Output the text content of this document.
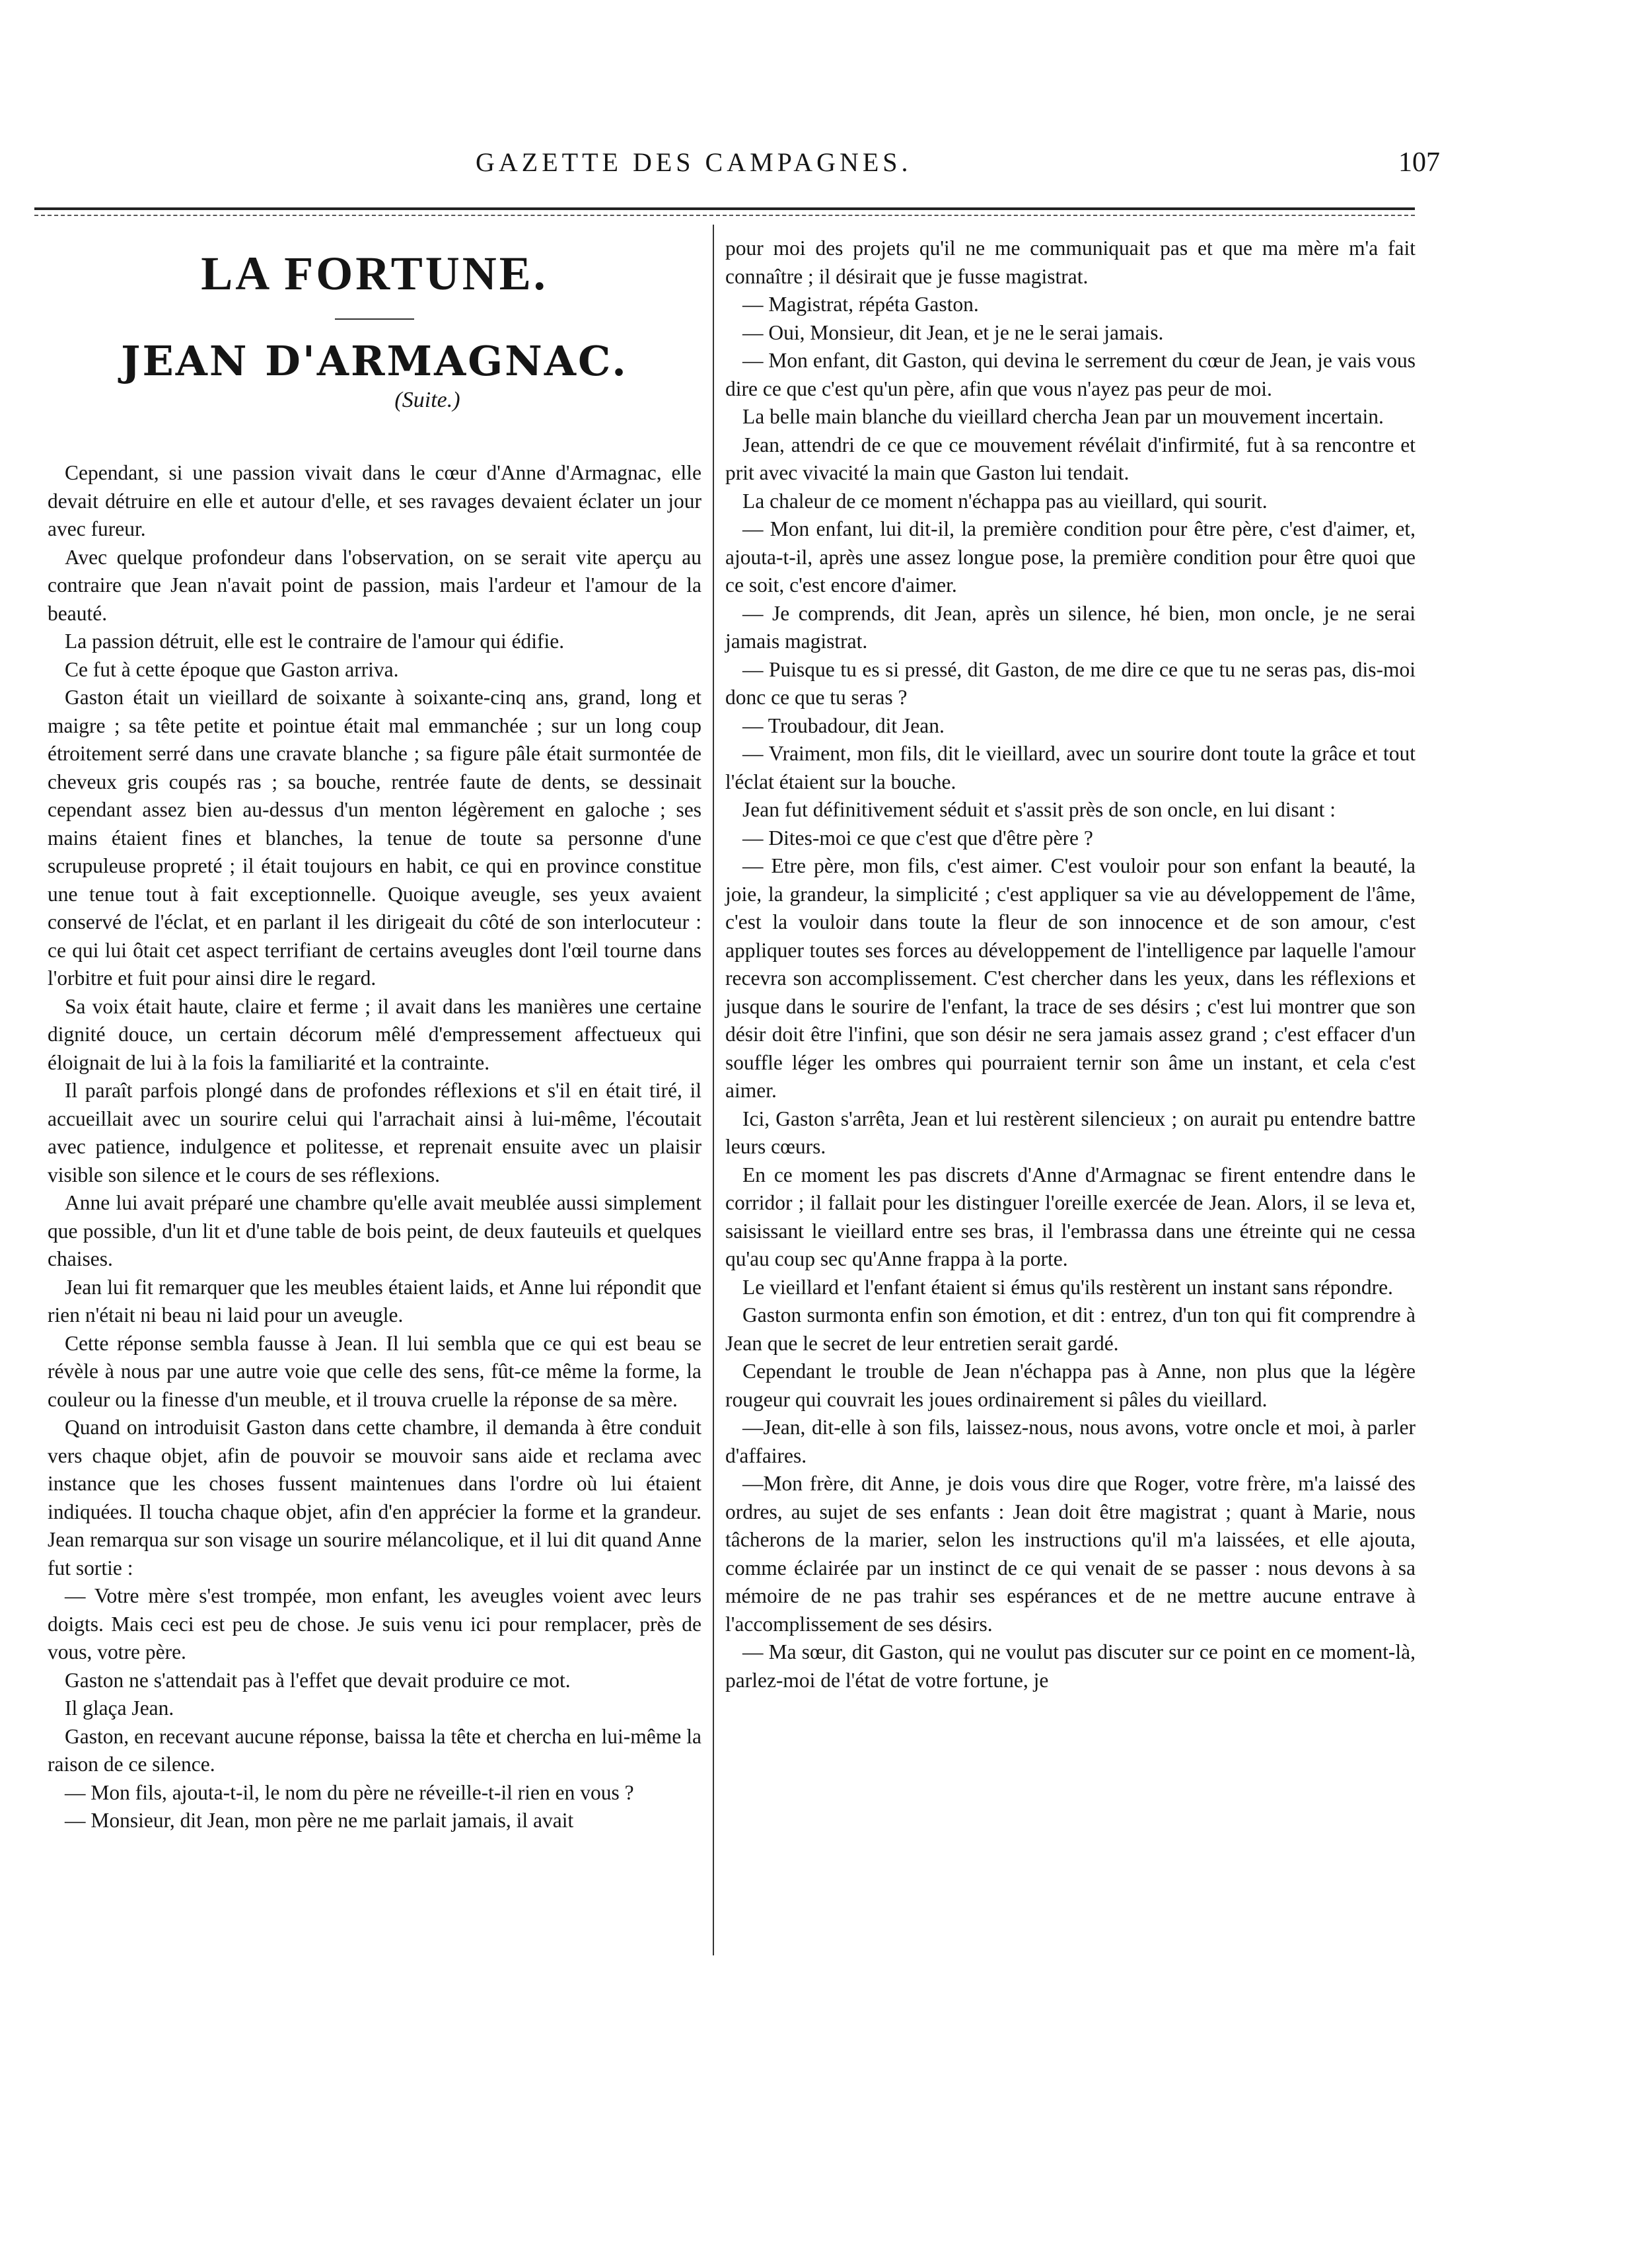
GAZETTE DES CAMPAGNES.	107
LA FORTUNE.
JEAN D'ARMAGNAC.
(Suite.)

Cependant, si une passion vivait dans le cœur d'Anne d'Armagnac, elle devait détruire en elle et autour d'elle, et ses ravages devaient éclater un jour avec fureur.

Avec quelque profondeur dans l'observation, on se serait vite aperçu au contraire que Jean n'avait point de passion, mais l'ardeur et l'amour de la beauté.

La passion détruit, elle est le contraire de l'amour qui édifie.

Ce fut à cette époque que Gaston arriva.

Gaston était un vieillard de soixante à soixante-cinq ans, grand, long et maigre ; sa tête petite et pointue était mal emmanchée ; sur un long coup étroitement serré dans une cravate blanche ; sa figure pâle était surmontée de cheveux gris coupés ras ; sa bouche, rentrée faute de dents, se dessinait cependant assez bien au-dessus d'un menton légèrement en galoche ; ses mains étaient fines et blanches, la tenue de toute sa personne d'une scrupuleuse propreté ; il était toujours en habit, ce qui en province constitue une tenue tout à fait exceptionnelle. Quoique aveugle, ses yeux avaient conservé de l'éclat, et en parlant il les dirigeait du côté de son interlocuteur : ce qui lui ôtait cet aspect terrifiant de certains aveugles dont l'œil tourne dans l'orbitre et fuit pour ainsi dire le regard.

Sa voix était haute, claire et ferme ; il avait dans les manières une certaine dignité douce, un certain décorum mêlé d'empressement affectueux qui éloignait de lui à la fois la familiarité et la contrainte.

Il paraît parfois plongé dans de profondes réflexions et s'il en était tiré, il accueillait avec un sourire celui qui l'arrachait ainsi à lui-même, l'écoutait avec patience, indulgence et politesse, et reprenait ensuite avec un plaisir visible son silence et le cours de ses réflexions.

Anne lui avait préparé une chambre qu'elle avait meublée aussi simplement que possible, d'un lit et d'une table de bois peint, de deux fauteuils et quelques chaises.

Jean lui fit remarquer que les meubles étaient laids, et Anne lui répondit que rien n'était ni beau ni laid pour un aveugle.

Cette réponse sembla fausse à Jean. Il lui sembla que ce qui est beau se révèle à nous par une autre voie que celle des sens, fût-ce même la forme, la couleur ou la finesse d'un meuble, et il trouva cruelle la réponse de sa mère.

Quand on introduisit Gaston dans cette chambre, il demanda à être conduit vers chaque objet, afin de pouvoir se mouvoir sans aide et reclama avec instance que les choses fussent maintenues dans l'ordre où lui étaient indiquées. Il toucha chaque objet, afin d'en apprécier la forme et la grandeur. Jean remarqua sur son visage un sourire mélancolique, et il lui dit quand Anne fut sortie :

— Votre mère s'est trompée, mon enfant, les aveugles voient avec leurs doigts. Mais ceci est peu de chose. Je suis venu ici pour remplacer, près de vous, votre père.

Gaston ne s'attendait pas à l'effet que devait produire ce mot.

Il glaça Jean.

Gaston, en recevant aucune réponse, baissa la tête et chercha en lui-même la raison de ce silence.

— Mon fils, ajouta-t-il, le nom du père ne réveille-t-il rien en vous ?

— Monsieur, dit Jean, mon père ne me parlait jamais, il avait

pour moi des projets qu'il ne me communiquait pas et que ma mère m'a fait connaître ; il désirait que je fusse magistrat.

— Magistrat, répéta Gaston.

— Oui, Monsieur, dit Jean, et je ne le serai jamais.

— Mon enfant, dit Gaston, qui devina le serrement du cœur de Jean, je vais vous dire ce que c'est qu'un père, afin que vous n'ayez pas peur de moi.

La belle main blanche du vieillard chercha Jean par un mouvement incertain.

Jean, attendri de ce que ce mouvement révélait d'infirmité, fut à sa rencontre et prit avec vivacité la main que Gaston lui tendait.

La chaleur de ce moment n'échappa pas au vieillard, qui sourit.

— Mon enfant, lui dit-il, la première condition pour être père, c'est d'aimer, et, ajouta-t-il, après une assez longue pose, la première condition pour être quoi que ce soit, c'est encore d'aimer.

— Je comprends, dit Jean, après un silence, hé bien, mon oncle, je ne serai jamais magistrat.

— Puisque tu es si pressé, dit Gaston, de me dire ce que tu ne seras pas, dis-moi donc ce que tu seras ?

— Troubadour, dit Jean.

— Vraiment, mon fils, dit le vieillard, avec un sourire dont toute la grâce et tout l'éclat étaient sur la bouche.

Jean fut définitivement séduit et s'assit près de son oncle, en lui disant :

— Dites-moi ce que c'est que d'être père ?

— Etre père, mon fils, c'est aimer. C'est vouloir pour son enfant la beauté, la joie, la grandeur, la simplicité ; c'est appliquer sa vie au développement de l'âme, c'est la vouloir dans toute la fleur de son innocence et de son amour, c'est appliquer toutes ses forces au développement de l'intelligence par laquelle l'amour recevra son accomplissement. C'est chercher dans les yeux, dans les réflexions et jusque dans le sourire de l'enfant, la trace de ses désirs ; c'est lui montrer que son désir doit être l'infini, que son désir ne sera jamais assez grand ; c'est effacer d'un souffle léger les ombres qui pourraient ternir son âme un instant, et cela c'est aimer.

Ici, Gaston s'arrêta, Jean et lui restèrent silencieux ; on aurait pu entendre battre leurs cœurs.

En ce moment les pas discrets d'Anne d'Armagnac se firent entendre dans le corridor ; il fallait pour les distinguer l'oreille exercée de Jean. Alors, il se leva et, saisissant le vieillard entre ses bras, il l'embrassa dans une étreinte qui ne cessa qu'au coup sec qu'Anne frappa à la porte.

Le vieillard et l'enfant étaient si émus qu'ils restèrent un instant sans répondre.

Gaston surmonta enfin son émotion, et dit : entrez, d'un ton qui fit comprendre à Jean que le secret de leur entretien serait gardé.

Cependant le trouble de Jean n'échappa pas à Anne, non plus que la légère rougeur qui couvrait les joues ordinairement si pâles du vieillard.

—Jean, dit-elle à son fils, laissez-nous, nous avons, votre oncle et moi, à parler d'affaires.

—Mon frère, dit Anne, je dois vous dire que Roger, votre frère, m'a laissé des ordres, au sujet de ses enfants : Jean doit être magistrat ; quant à Marie, nous tâcherons de la marier, selon les instructions qu'il m'a laissées, et elle ajouta, comme éclairée par un instinct de ce qui venait de se passer : nous devons à sa mémoire de ne pas trahir ses espérances et de ne mettre aucune entrave à l'accomplissement de ses désirs.

— Ma sœur, dit Gaston, qui ne voulut pas discuter sur ce point en ce moment-là, parlez-moi de l'état de votre fortune, je
